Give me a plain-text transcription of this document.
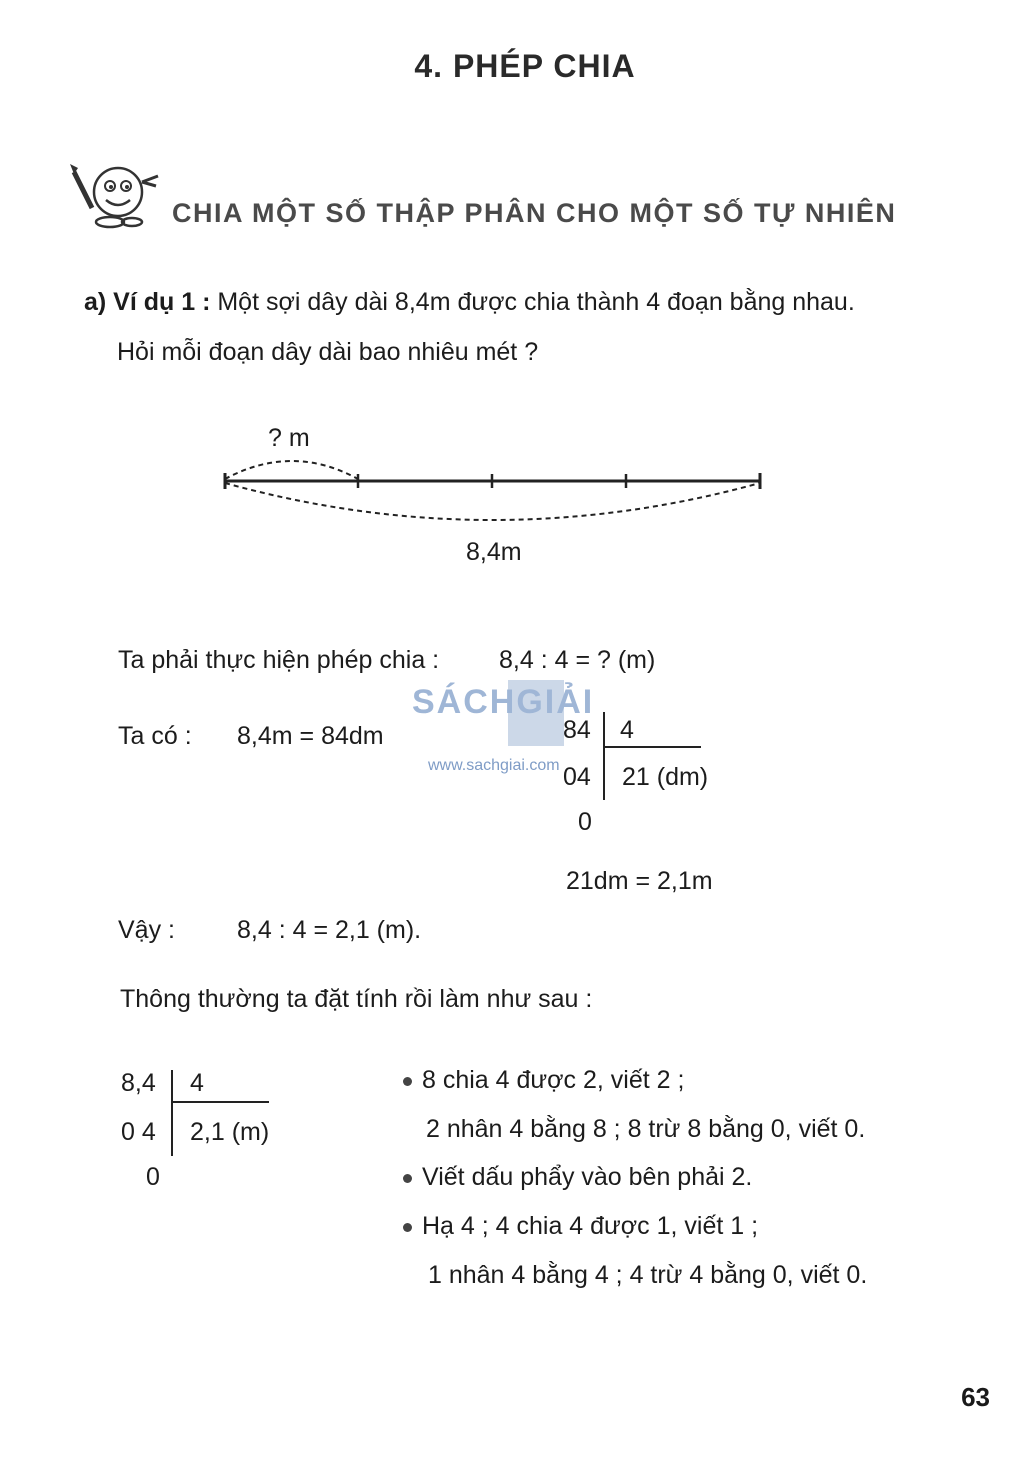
4. PHÉP CHIA
CHIA MỘT SỐ THẬP PHÂN CHO MỘT SỐ TỰ NHIÊN
a) Ví dụ 1 : Một sợi dây dài 8,4m được chia thành 4 đoạn bằng nhau.
Hỏi mỗi đoạn dây dài bao nhiêu mét ?
? m
8,4m
Ta phải thực hiện phép chia : 8,4 : 4 = ? (m)
SÁCHGIẢI
www.sachgiai.com
Ta có : 8,4m = 84dm	84 4
04 21 (dm)
0
21dm = 2,1m
Vậy : 8,4 : 4 = 2,1 (m).
Thông thường ta đặt tính rồi làm như sau :
8,4 4
0 4 2,1 (m)
0
8 chia 4 được 2, viết 2 ;
2 nhân 4 bằng 8 ; 8 trừ 8 bằng 0, viết 0.
Viết dấu phẩy vào bên phải 2.
Hạ 4 ; 4 chia 4 được 1, viết 1 ;
1 nhân 4 bằng 4 ; 4 trừ 4 bằng 0, viết 0.
63
